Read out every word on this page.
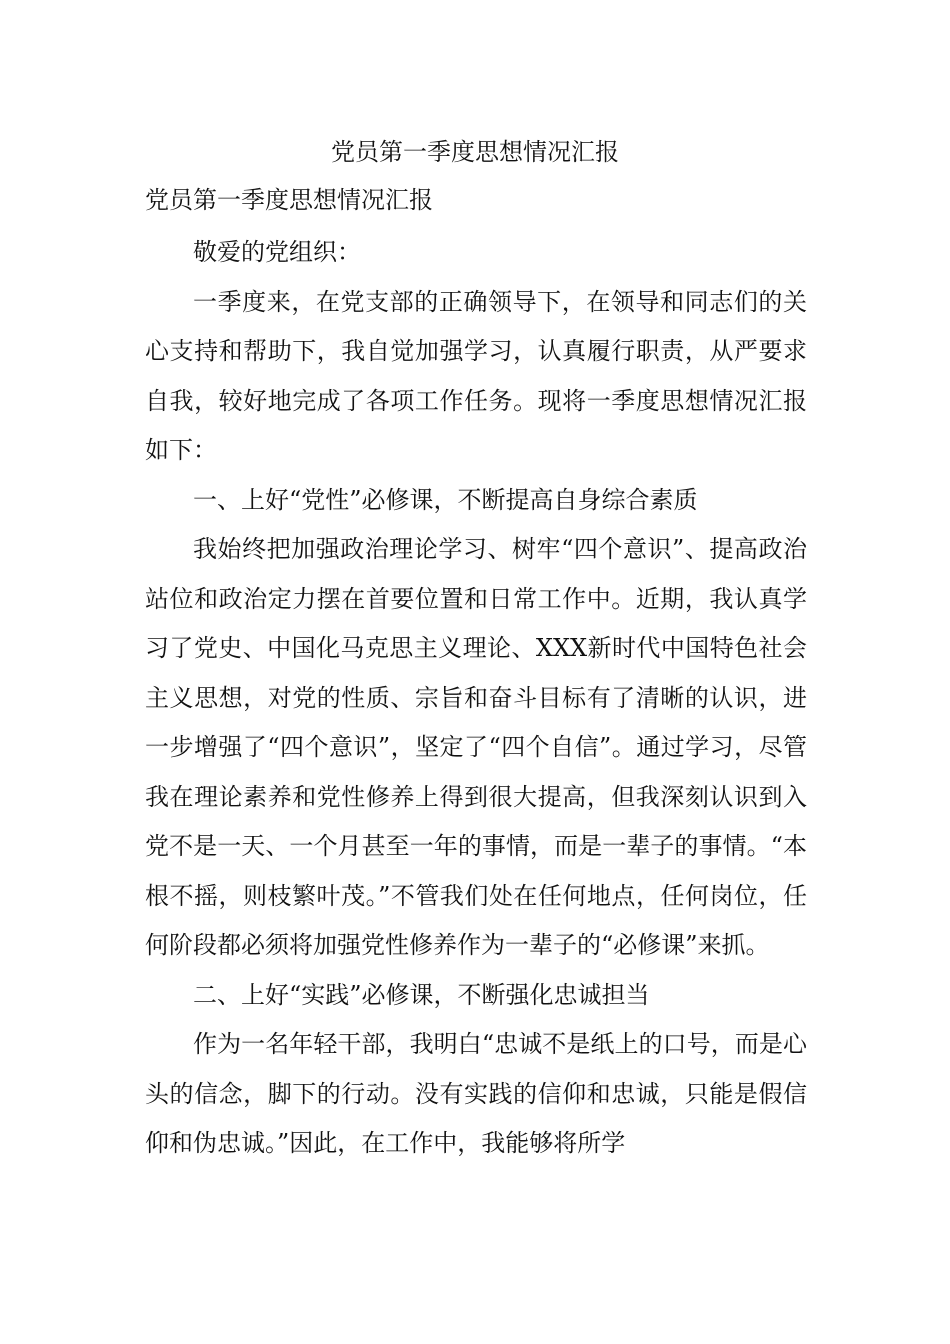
党员第一季度思想情况汇报
党员第一季度思想情况汇报

敬爱的党组织：

一季度来，在党支部的正确领导下，在领导和同志们的关心支持和帮助下，我自觉加强学习，认真履行职责，从严要求自我，较好地完成了各项工作任务。现将一季度思想情况汇报如下：

一、上好“党性”必修课，不断提高自身综合素质

我始终把加强政治理论学习、树牢“四个意识”、提高政治站位和政治定力摆在首要位置和日常工作中。近期，我认真学习了党史、中国化马克思主义理论、XXX新时代中国特色社会主义思想，对党的性质、宗旨和奋斗目标有了清晰的认识，进一步增强了“四个意识”，坚定了“四个自信”。通过学习，尽管我在理论素养和党性修养上得到很大提高，但我深刻认识到入党不是一天、一个月甚至一年的事情，而是一辈子的事情。“本根不摇，则枝繁叶茂。”不管我们处在任何地点，任何岗位，任何阶段都必须将加强党性修养作为一辈子的“必修课”来抓。

二、上好“实践”必修课，不断强化忠诚担当

作为一名年轻干部，我明白“忠诚不是纸上的口号，而是心头的信念，脚下的行动。没有实践的信仰和忠诚，只能是假信仰和伪忠诚。”因此，在工作中，我能够将所学
